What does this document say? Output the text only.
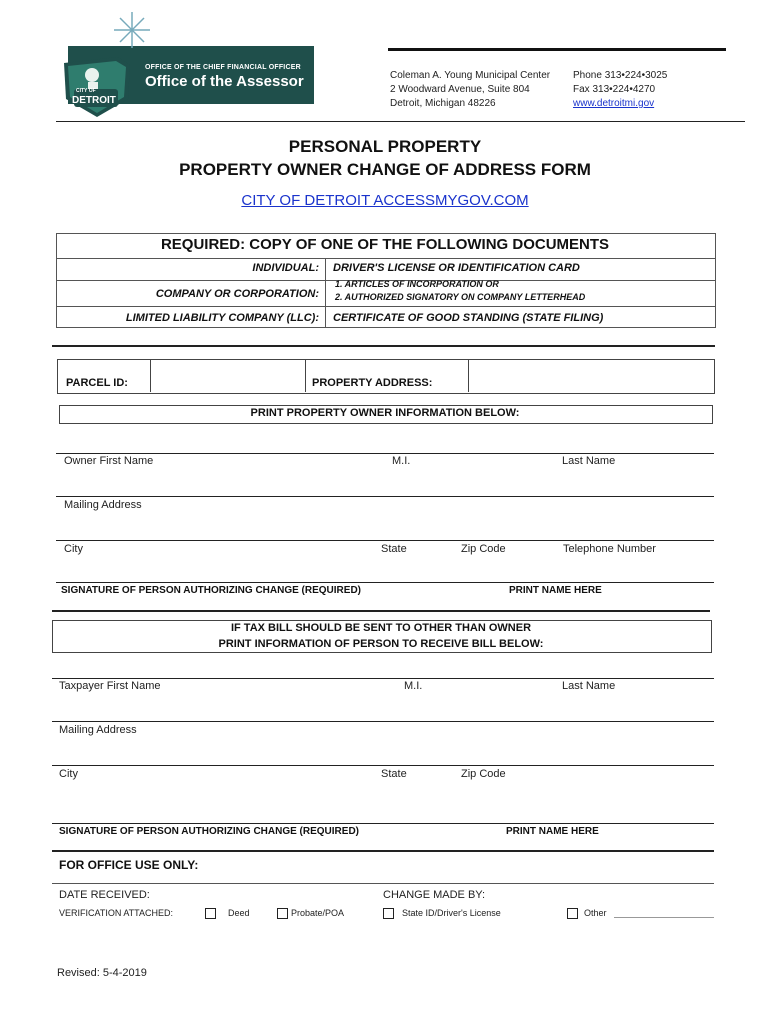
CITY OF
DETROIT
OFFICE OF THE CHIEF FINANCIAL OFFICER
Office of the Assessor	Coleman A. Young Municipal Center
2 Woodward Avenue, Suite 804
Detroit, Michigan 48226
Phone 313•224•3025
Fax 313•224•4270
www.detroitmi.gov
PERSONAL PROPERTY
PROPERTY OWNER CHANGE OF ADDRESS FORM
CITY OF DETROIT ACCESSMYGOV.COM
REQUIRED: COPY OF ONE OF THE FOLLOWING DOCUMENTS
INDIVIDUAL: DRIVER'S LICENSE OR IDENTIFICATION CARD
COMPANY OR CORPORATION:
1. ARTICLES OF INCORPORATION OR
2. AUTHORIZED SIGNATORY ON COMPANY LETTERHEAD
LIMITED LIABILITY COMPANY (LLC): CERTIFICATE OF GOOD STANDING (STATE FILING)
PARCEL ID:	PROPERTY ADDRESS:
PRINT PROPERTY OWNER INFORMATION BELOW:
Owner First Name	M.I.	Last Name
Mailing Address
City	State	Zip Code	Telephone Number
SIGNATURE OF PERSON AUTHORIZING CHANGE (REQUIRED)	PRINT NAME HERE
IF TAX BILL SHOULD BE SENT TO OTHER THAN OWNER
PRINT INFORMATION OF PERSON TO RECEIVE BILL BELOW:
Taxpayer First Name	M.I.	Last Name
Mailing Address
City	State	Zip Code
SIGNATURE OF PERSON AUTHORIZING CHANGE (REQUIRED)	PRINT NAME HERE
FOR OFFICE USE ONLY:
DATE RECEIVED:	CHANGE MADE BY:
VERIFICATION ATTACHED:	Deed	Probate/POA	State ID/Driver's License	Other
Revised: 5-4-2019
